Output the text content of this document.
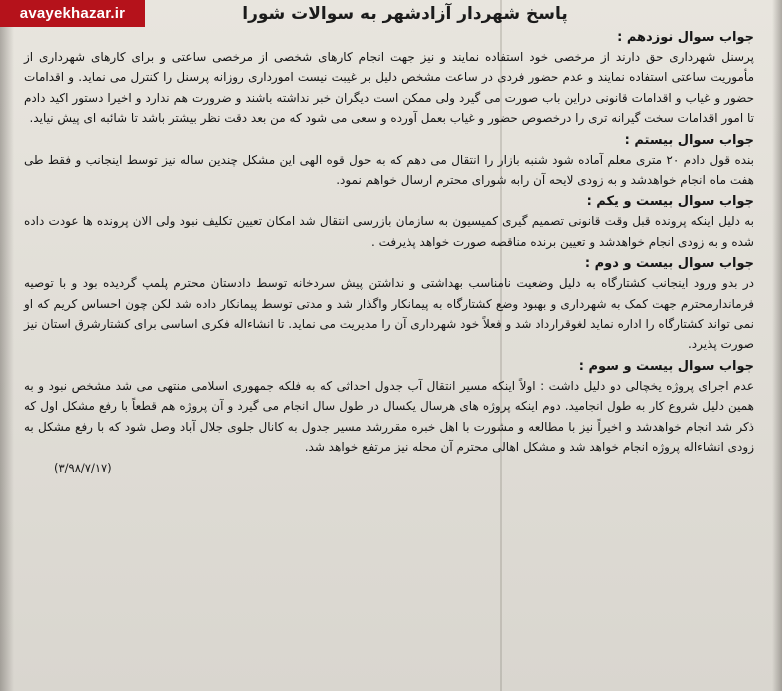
avayekhazar.ir	پاسخ شهردار آزادشهر به سوالات شورا
جواب سوال نوزدهم :
پرسنل شهرداری حق دارند از مرخصی خود استفاده نمایند و نیز جهت انجام کارهای شخصی از مرخصی ساعتی و برای کارهای شهرداری از مأموریت ساعتی استفاده نمایند و عدم حضور فردی در ساعت مشخص دلیل بر غیبت نیست امورداری روزانه پرسنل را کنترل می نماید. و اقدامات حضور و غیاب و اقدامات قانونی دراین باب صورت می گیرد ولی ممکن است دیگران خبر نداشته باشند و ضرورت هم ندارد و اخیرا دستور اکید دادم تا امور اقدامات سخت گیرانه تری را درخصوص حضور و غیاب بعمل آورده و سعی می شود که من بعد دقت نظر بیشتر باشد تا شائبه ای پیش نیاید.
جواب سوال بیستم :
بنده قول دادم ۲۰ متری معلم آماده شود شنبه بازار را انتقال می دهم که به حول قوه الهی این مشکل چندین ساله نیز توسط اینجانب و فقط طی هفت ماه انجام خواهدشد و به زودی لایحه آن رابه شورای محترم ارسال خواهم نمود.
جواب سوال بیست و یکم :
به دلیل اینکه پرونده قبل وقت قانونی تصمیم گیری کمیسیون به سازمان بازرسی انتقال شد امکان تعیین تکلیف نبود ولی الان پرونده ها عودت داده شده و به زودی انجام خواهدشد و تعیین برنده مناقصه صورت خواهد پذیرفت .
جواب سوال بیست و دوم :
در بدو ورود اینجانب کشتارگاه به دلیل وضعیت نامناسب بهداشتی و نداشتن پیش سردخانه توسط دادستان محترم پلمپ گردیده بود و با توصیه فرماندارمحترم جهت کمک به شهرداری و بهبود وضع کشتارگاه به پیمانکار واگذار شد و مدتی توسط پیمانکار داده شد لکن چون احساس کریم که او نمی تواند کشتارگاه را اداره نماید لغوقرارداد شد و فعلاً خود شهرداری آن را مدیریت می نماید. تا انشاءاله فکری اساسی برای کشتارشرق استان نیز صورت پذیرد.
جواب سوال بیست و سوم :
عدم اجرای پروژه یخچالی دو دلیل داشت : اولاً اینکه مسیر انتقال آب جدول احداثی که به فلکه جمهوری اسلامی منتهی می شد مشخص نبود و به همین دلیل شروع کار به طول انجامید. دوم اینکه پروژه های هرسال یکسال در طول سال انجام می گیرد و آن پروژه هم قطعاً با رفع مشکل اول که ذکر شد انجام خواهدشد و اخیراً نیز با مطالعه و مشورت با اهل خبره مقررشد مسیر جدول به کانال جلوی جلال آباد وصل شود که با رفع مشکل به زودی انشاءاله پروژه انجام خواهد شد و مشکل اهالی محترم آن محله نیز مرتفع خواهد شد.
(۳/۹۸/۷/۱۷)
